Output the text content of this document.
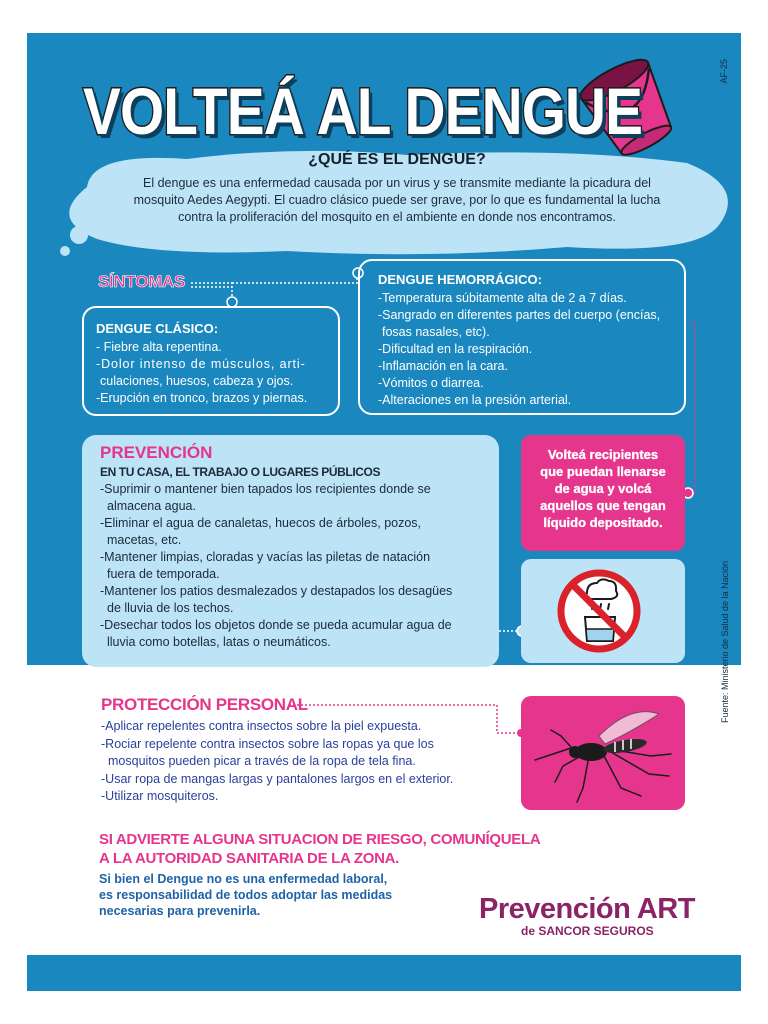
VOLTEÁ AL DENGUE
AF-25
¿QUÉ ES EL DENGUE?
El dengue es una enfermedad causada por un virus y se transmite mediante la picadura del
mosquito Aedes Aegypti. El cuadro clásico puede ser grave, por lo que es fundamental la lucha
contra la proliferación del mosquito en el ambiente en donde nos encontramos.
SÍNTOMAS
DENGUE CLÁSICO:
- Fiebre alta repentina.
-Dolor intenso de músculos, arti-
culaciones, huesos, cabeza y ojos.
-Erupción en tronco, brazos y piernas.
DENGUE HEMORRÁGICO:
-Temperatura súbitamente alta de 2 a 7 días.
-Sangrado en diferentes partes del cuerpo (encías,
fosas nasales, etc).
-Dificultad en la respiración.
-Inflamación en la cara.
-Vómitos o diarrea.
-Alteraciones en la presión arterial.
PREVENCIÓN
EN TU CASA, EL TRABAJO O LUGARES PÚBLICOS
-Suprimir o mantener bien tapados los recipientes donde se
almacena agua.
-Eliminar el agua de canaletas, huecos de árboles, pozos,
macetas, etc.
-Mantener limpias, cloradas y vacías las piletas de natación
fuera de temporada.
-Mantener los patios desmalezados y destapados los desagües
de lluvia de los techos.
-Desechar todos los objetos donde se pueda acumular agua de
lluvia como botellas, latas o neumáticos.
Volteá recipientes
que puedan llenarse
de agua y volcá
aquellos que tengan
líquido depositado.
PROTECCIÓN PERSONAL
-Aplicar repelentes contra insectos sobre la piel expuesta.
-Rociar repelente contra insectos sobre las ropas ya que los
mosquitos pueden picar a través de la ropa de tela fina.
-Usar ropa de mangas largas y pantalones largos en el exterior.
-Utilizar mosquiteros.
SI ADVIERTE ALGUNA SITUACION DE RIESGO, COMUNÍQUELA
A LA AUTORIDAD SANITARIA DE LA ZONA.
Si bien el Dengue no es una enfermedad laboral,
es responsabilidad de todos adoptar las medidas
necesarias para prevenirla.	Prevención ART
de SANCOR SEGUROS
Fuente: Ministerio de Salud de la Nación
